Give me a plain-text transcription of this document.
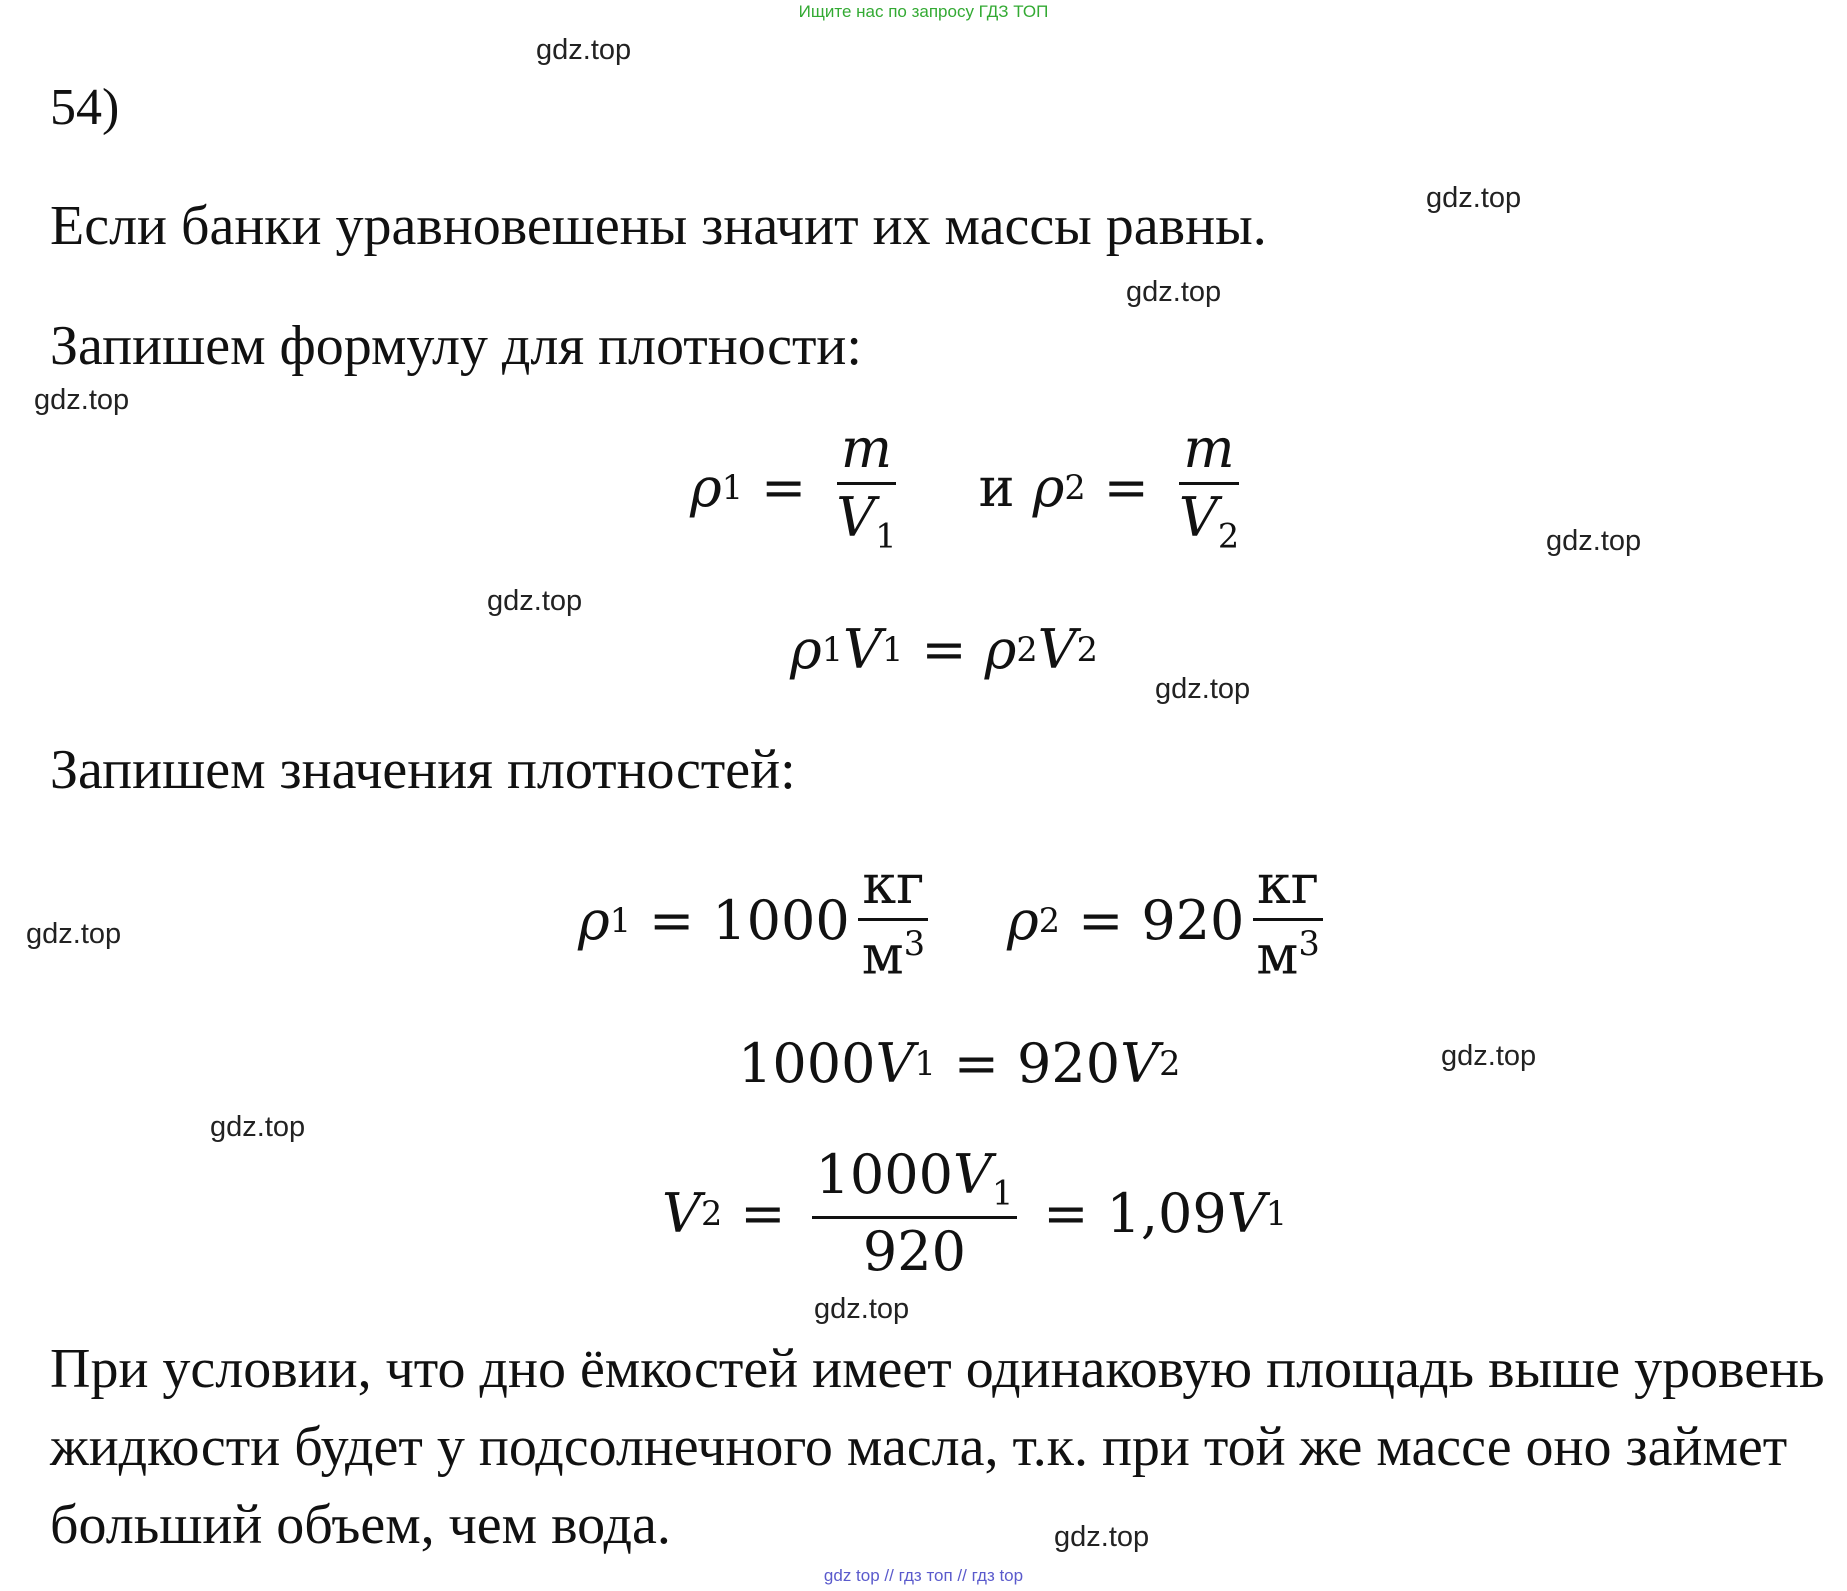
Ищите нас по запросу ГДЗ ТОП
gdz.top
gdz.top
gdz.top
gdz.top
gdz.top
gdz.top
gdz.top
gdz.top
gdz.top
gdz.top
gdz.top
gdz.top
54)
Если банки уравновешены значит их массы равны.
Запишем формулу для плотности:
ρ $1 = \frac{m}{V_1}$ и ρ $2 = \frac{m}{V_2}$
ρ 1 V 1 = ρ 2 V 2
Запишем значения плотностей:
ρ $1 = 1000 \frac{кг}{м^3}$ ρ $2 = 920 \frac{кг}{м^3}$
1000 V 1 = 920 V 2
V $2 = \frac{1000V_1}{920} = 1,09$ V 1
При условии, что дно ёмкостей имеет одинаковую площадь выше уровень жидкости будет у подсолнечного масла, т.к. при той же массе оно займет больший объем, чем вода.
gdz top // гдз топ // гдз top
